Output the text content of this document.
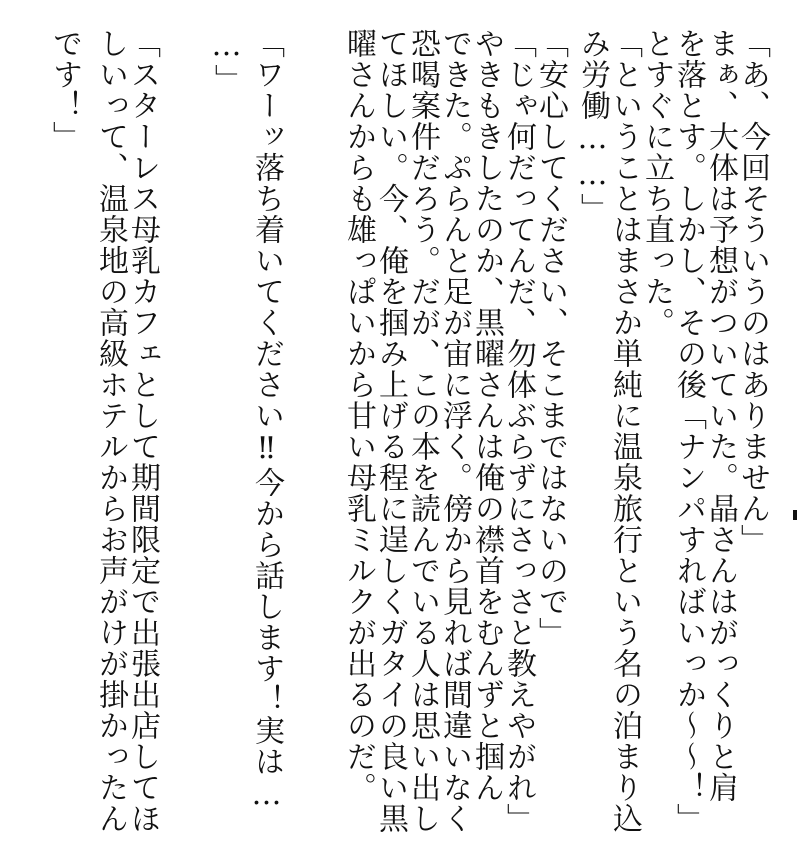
「あ、今回そういうのはありません」
まぁ、大体は予想がついていた。晶さんはがっくりと肩
を落とす。しかし、その後「ナンパすればいっか～～！」
とすぐに立ち直った。
「ということはまさか単純に温泉旅行という名の泊まり込
み労働……」
「安心してください、そこまではないので」
「じゃ何だってんだ、勿体ぶらずにさっさと教えやがれ」
やきもきしたのか、黒曜さんは俺の襟首をむんずと掴ん
できた。ぷらんと足が宙に浮く。傍から見れば間違いなく
恐喝案件だろう。だが、この本を読んでいる人は思い出し
てほしい。今、俺を掴み上げる程に逞しくガタイの良い黒
曜さんからも雄っぱいから甘い母乳ミルクが出るのだ。
「ワーッ落ち着いてください‼今から話します！実は…
…」
「スターレス母乳カフェとして期間限定で出張出店してほ
しいって、温泉地の高級ホテルからお声がけが掛かったん
です！」
